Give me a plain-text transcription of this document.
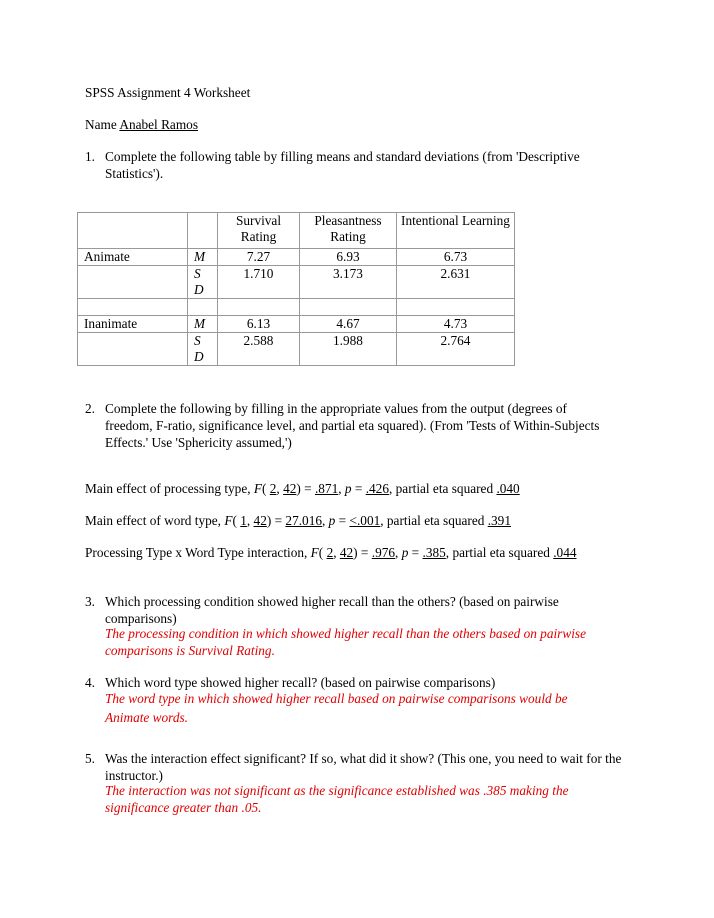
SPSS Assignment 4 Worksheet
Name Anabel Ramos
1. Complete the following table by filling means and standard deviations (from 'Descriptive Statistics').
		Survival Rating	Pleasantness Rating	Intentional Learning
Animate	M	7.27	6.93	6.73
	S D	1.710	3.173	2.631

Inanimate	M	6.13	4.67	4.73
	S D	2.588	1.988	2.764
2. Complete the following by filling in the appropriate values from the output (degrees of freedom, F-ratio, significance level, and partial eta squared). (From 'Tests of Within-Subjects Effects.' Use 'Sphericity assumed,')
Main effect of processing type, F( 2, 42) = .871, p = .426, partial eta squared .040
Main effect of word type, F( 1, 42) = 27.016, p = <.001, partial eta squared .391
Processing Type x Word Type interaction, F( 2, 42) = .976, p = .385, partial eta squared .044
3. Which processing condition showed higher recall than the others? (based on pairwise comparisons)
The processing condition in which showed higher recall than the others based on pairwise comparisons is Survival Rating.
4. Which word type showed higher recall? (based on pairwise comparisons)
The word type in which showed higher recall based on pairwise comparisons would be Animate words.
5. Was the interaction effect significant? If so, what did it show? (This one, you need to wait for the instructor.)
The interaction was not significant as the significance established was .385 making the significance greater than .05.
